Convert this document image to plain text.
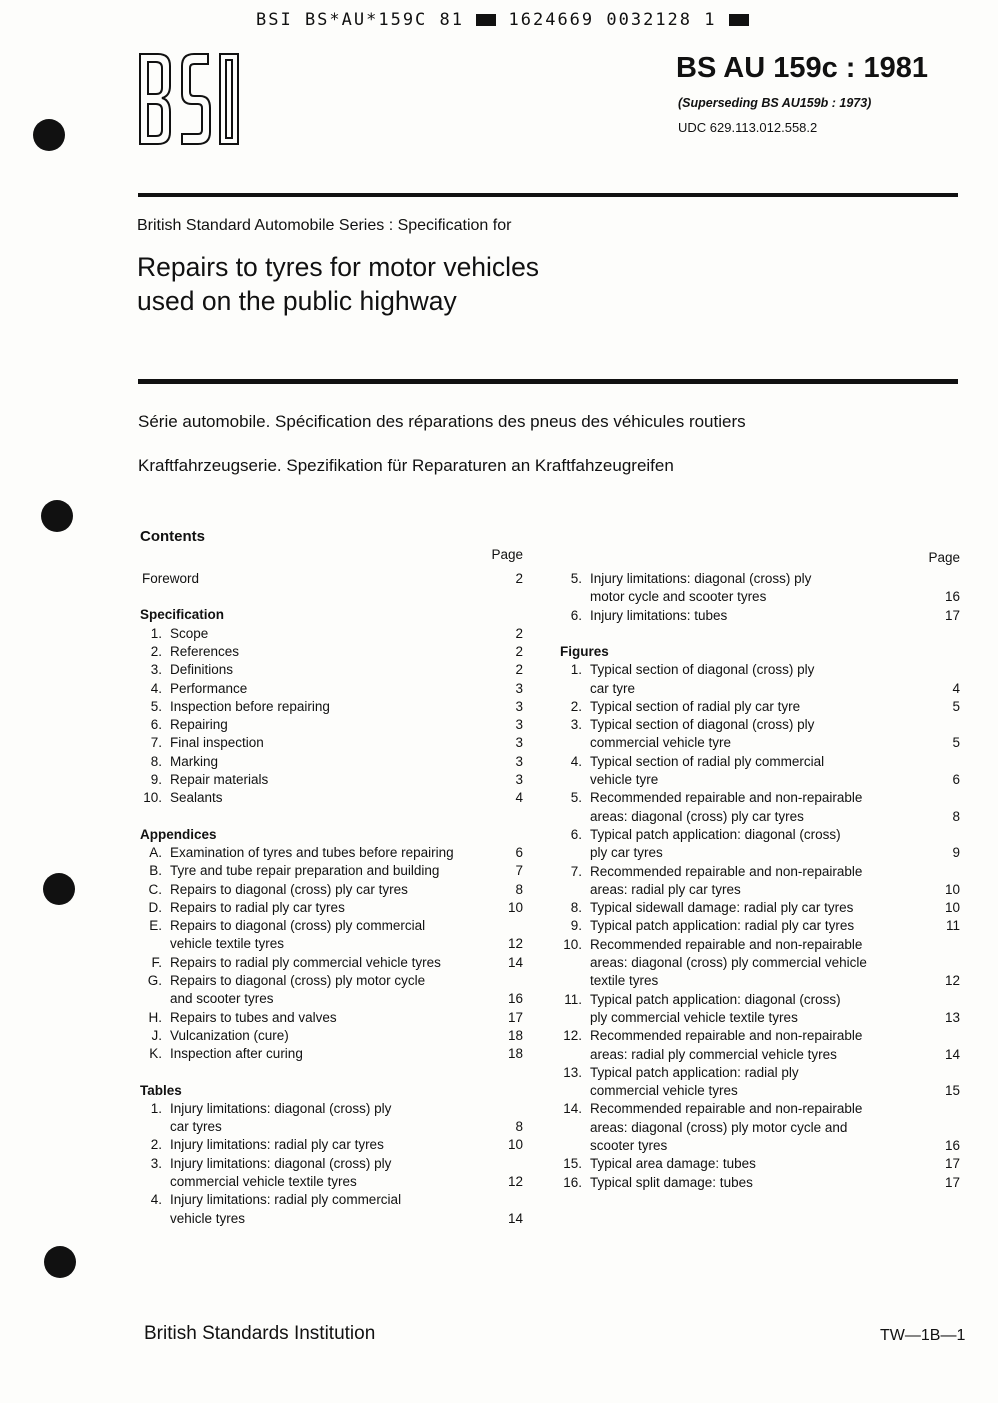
BSI BS*AU*159C 81	1624669 0032128 1
BS AU 159c : 1981
(Superseding BS AU159b : 1973)
UDC 629.113.012.558.2
British Standard Automobile Series : Specification for
Repairs to tyres for motor vehicles
used on the public highway
Série automobile. Spécification des réparations des pneus des véhicules routiers
Kraftfahrzeugserie. Spezifikation für Reparaturen an Kraftfahzeugreifen
Contents
Page
Foreword	2
Specification
1. Scope	2
2. References	2
3. Definitions	2
4. Performance	3
5. Inspection before repairing	3
6. Repairing	3
7. Final inspection	3
8. Marking	3
9. Repair materials	3
10. Sealants	4
Appendices
A. Examination of tyres and tubes before repairing	6
B. Tyre and tube repair preparation and building	7
C. Repairs to diagonal (cross) ply car tyres	8
D. Repairs to radial ply car tyres	10
E. Repairs to diagonal (cross) ply commercial
vehicle textile tyres	12
F. Repairs to radial ply commercial vehicle tyres	14
G. Repairs to diagonal (cross) ply motor cycle
and scooter tyres	16
H. Repairs to tubes and valves	17
J. Vulcanization (cure)	18
K. Inspection after curing	18
Tables
1. Injury limitations: diagonal (cross) ply
car tyres	8
2. Injury limitations: radial ply car tyres	10
3. Injury limitations: diagonal (cross) ply
commercial vehicle textile tyres	12
4. Injury limitations: radial ply commercial
vehicle tyres	14
Page
5. Injury limitations: diagonal (cross) ply
motor cycle and scooter tyres	16
6. Injury limitations: tubes	17
Figures
1. Typical section of diagonal (cross) ply
car tyre	4
2. Typical section of radial ply car tyre	5
3. Typical section of diagonal (cross) ply
commercial vehicle tyre	5
4. Typical section of radial ply commercial
vehicle tyre	6
5. Recommended repairable and non-repairable
areas: diagonal (cross) ply car tyres	8
6. Typical patch application: diagonal (cross)
ply car tyres	9
7. Recommended repairable and non-repairable
areas: radial ply car tyres	10
8. Typical sidewall damage: radial ply car tyres	10
9. Typical patch application: radial ply car tyres	11
10. Recommended repairable and non-repairable
areas: diagonal (cross) ply commercial vehicle
textile tyres	12
11. Typical patch application: diagonal (cross)
ply commercial vehicle textile tyres	13
12. Recommended repairable and non-repairable
areas: radial ply commercial vehicle tyres	14
13. Typical patch application: radial ply
commercial vehicle tyres	15
14. Recommended repairable and non-repairable
areas: diagonal (cross) ply motor cycle and
scooter tyres	16
15. Typical area damage: tubes	17
16. Typical split damage: tubes	17
British Standards Institution	TW—1B—1
